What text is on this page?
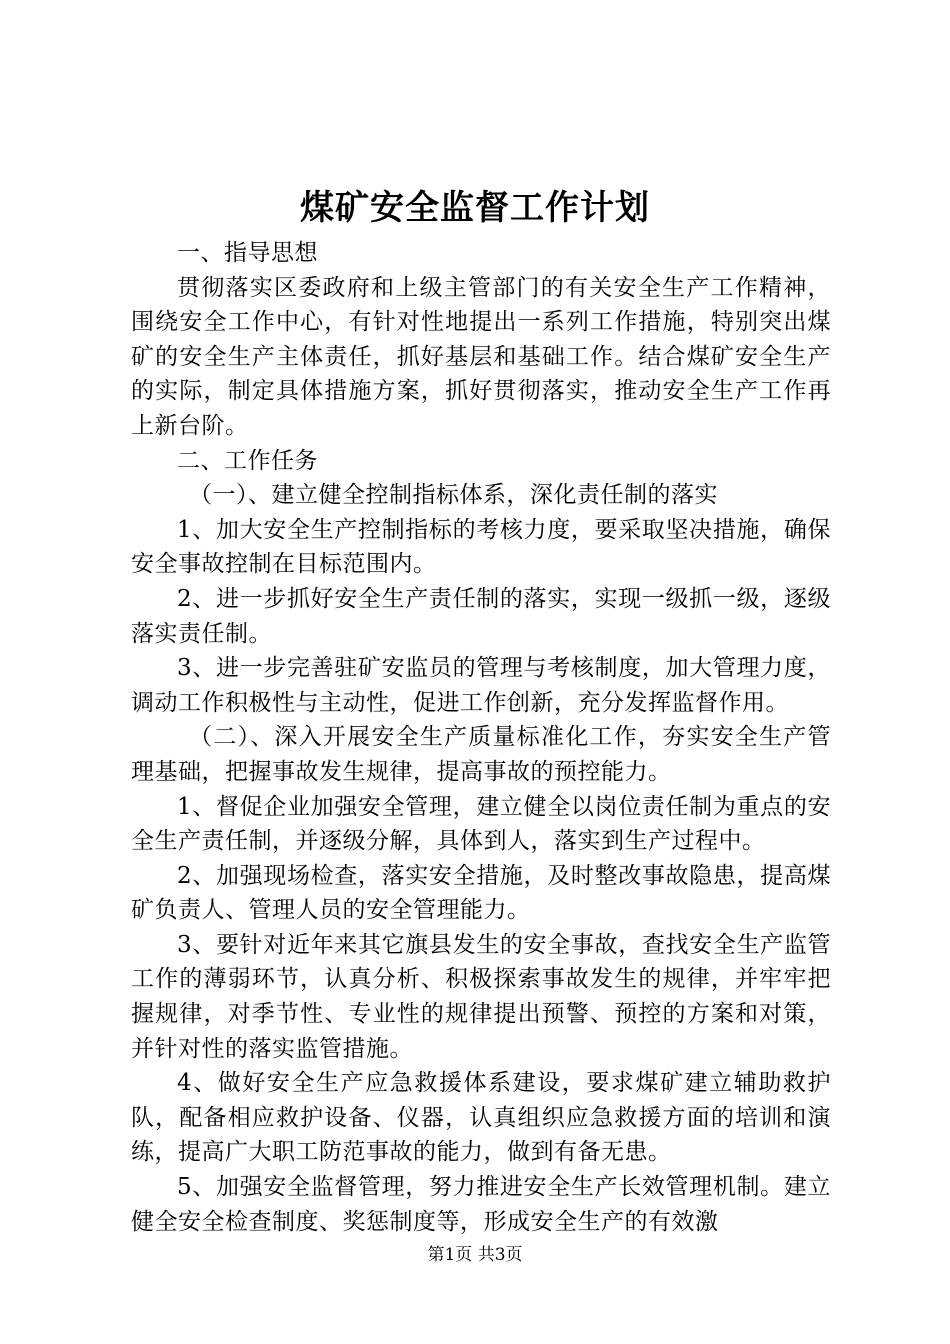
煤矿安全监督工作计划

一、指导思想

贯彻落实区委政府和上级主管部门的有关安全生产工作精神，围绕安全工作中心，有针对性地提出一系列工作措施，特别突出煤矿的安全生产主体责任，抓好基层和基础工作。结合煤矿安全生产的实际，制定具体措施方案，抓好贯彻落实，推动安全生产工作再上新台阶。

二、工作任务

（一）、建立健全控制指标体系，深化责任制的落实

1、加大安全生产控制指标的考核力度，要采取坚决措施，确保安全事故控制在目标范围内。

2、进一步抓好安全生产责任制的落实，实现一级抓一级，逐级落实责任制。

3、进一步完善驻矿安监员的管理与考核制度，加大管理力度，调动工作积极性与主动性，促进工作创新，充分发挥监督作用。

（二）、深入开展安全生产质量标准化工作，夯实安全生产管理基础，把握事故发生规律，提高事故的预控能力。

1、督促企业加强安全管理，建立健全以岗位责任制为重点的安全生产责任制，并逐级分解，具体到人，落实到生产过程中。

2、加强现场检查，落实安全措施，及时整改事故隐患，提高煤矿负责人、管理人员的安全管理能力。

3、要针对近年来其它旗县发生的安全事故，查找安全生产监管工作的薄弱环节，认真分析、积极探索事故发生的规律，并牢牢把握规律，对季节性、专业性的规律提出预警、预控的方案和对策，并针对性的落实监管措施。

4、做好安全生产应急救援体系建设，要求煤矿建立辅助救护队，配备相应救护设备、仪器，认真组织应急救援方面的培训和演练，提高广大职工防范事故的能力，做到有备无患。

5、加强安全监督管理，努力推进安全生产长效管理机制。建立健全安全检查制度、奖惩制度等，形成安全生产的有效激

第1页 共3页
